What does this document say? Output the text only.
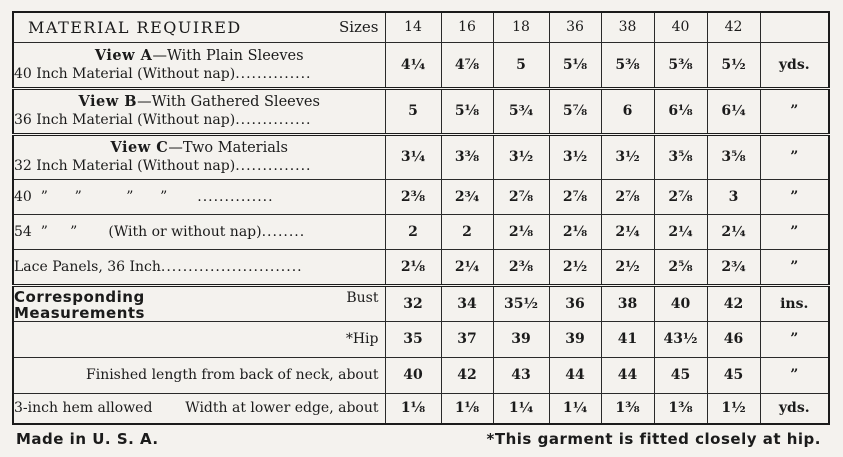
MATERIAL REQUIRED Sizes	14	16	18	36	38	40	42	

View A—With Plain Sleeves
40 Inch Material (Without nap)..............	4¼	4⅞	5	5⅛	5⅜	5⅜	5½	yds.

View B—With Gathered Sleeves
36 Inch Material (Without nap)..............	5	5⅛	5¾	5⅞	6	6⅛	6¼	”

View C—Two Materials
32 Inch Material (Without nap)..............	3¼	3⅜	3½	3½	3½	3⅝	3⅝	”

40  ”      ”          ”      ” ..............	2⅜	2¾	2⅞	2⅞	2⅞	2⅞	3	”

54  ”     ”       (With or without nap)........	2	2	2⅛	2⅛	2¼	2¼	2¼	”

Lace Panels, 36 Inch..........................	2⅛	2¼	2⅜	2½	2½	2⅝	2¾	”

Corresponding Bust
Measurements	32	34	35½	36	38	40	42	ins.

*Hip	35	37	39	39	41	43½	46	”

Finished length from back of neck, about	40	42	43	44	44	45	45	”

3-inch hem allowed Width at lower edge, about	1⅛	1⅛	1¼	1¼	1⅜	1⅜	1½	yds.
Made in U. S. A.	*This garment is fitted closely at hip.
